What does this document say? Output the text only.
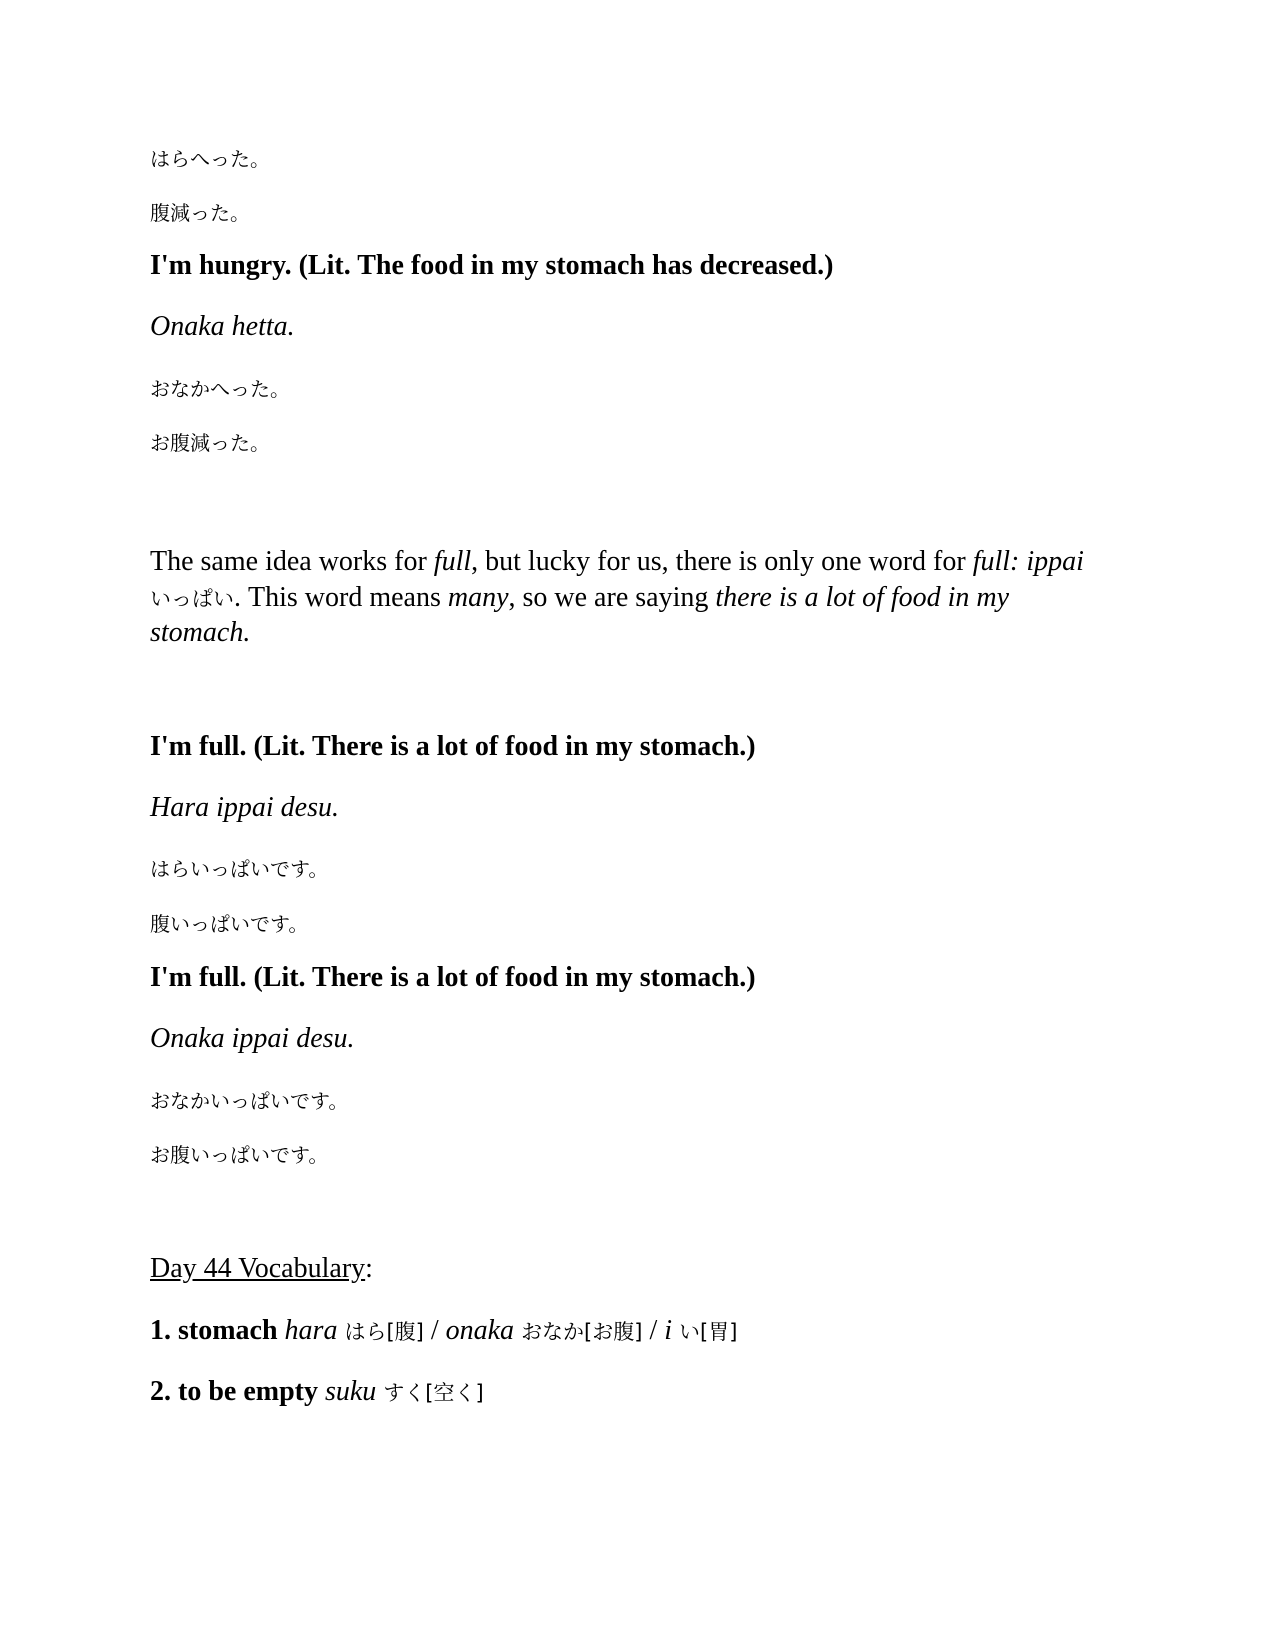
はらへった。

腹減った。

I'm hungry. (Lit. The food in my stomach has decreased.)

Onaka hetta.

おなかへった。

お腹減った。

The same idea works for full, but lucky for us, there is only one word for full: ippai いっぱい. This word means many, so we are saying there is a lot of food in my stomach.

I'm full. (Lit. There is a lot of food in my stomach.)

Hara ippai desu.

はらいっぱいです。

腹いっぱいです。

I'm full. (Lit. There is a lot of food in my stomach.)

Onaka ippai desu.

おなかいっぱいです。

お腹いっぱいです。

Day 44 Vocabulary:

1. stomach hara はら[腹] / onaka おなか[お腹] / i い[胃]

2. to be empty suku すく[空く]
